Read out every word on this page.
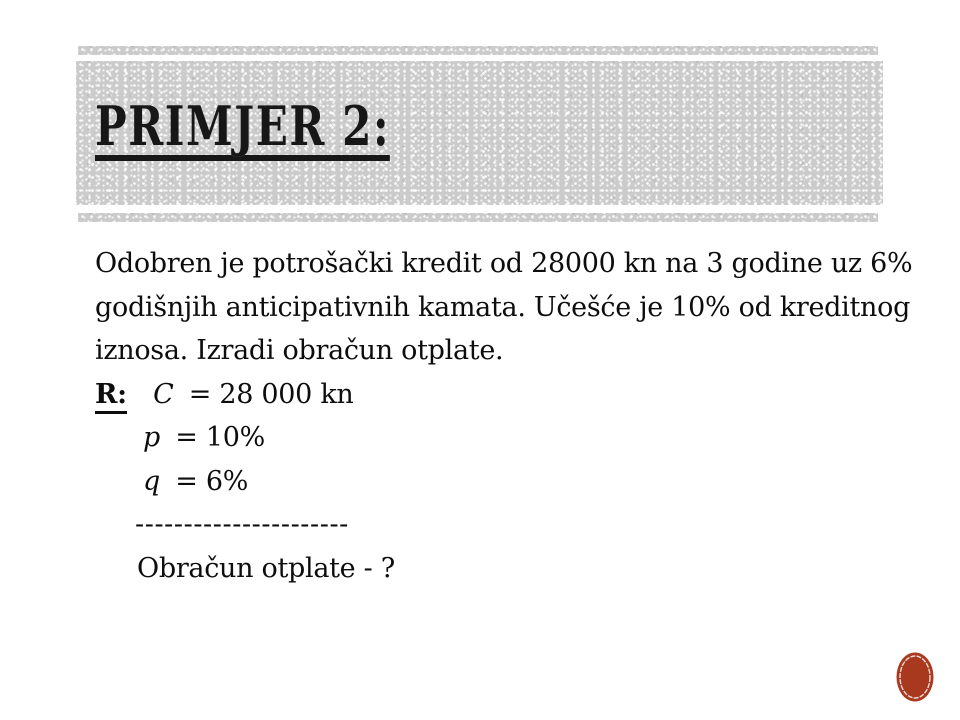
PRIMJER 2:
Odobren je potrošački kredit od 28000 kn na 3 godine uz 6%
godišnjih anticipativnih kamata. Učešće je 10% od kreditnog
iznosa. Izradi obračun otplate.
R: C = 28 000 kn
p = 10%
q = 6%
----------------------
Obračun otplate - ?
